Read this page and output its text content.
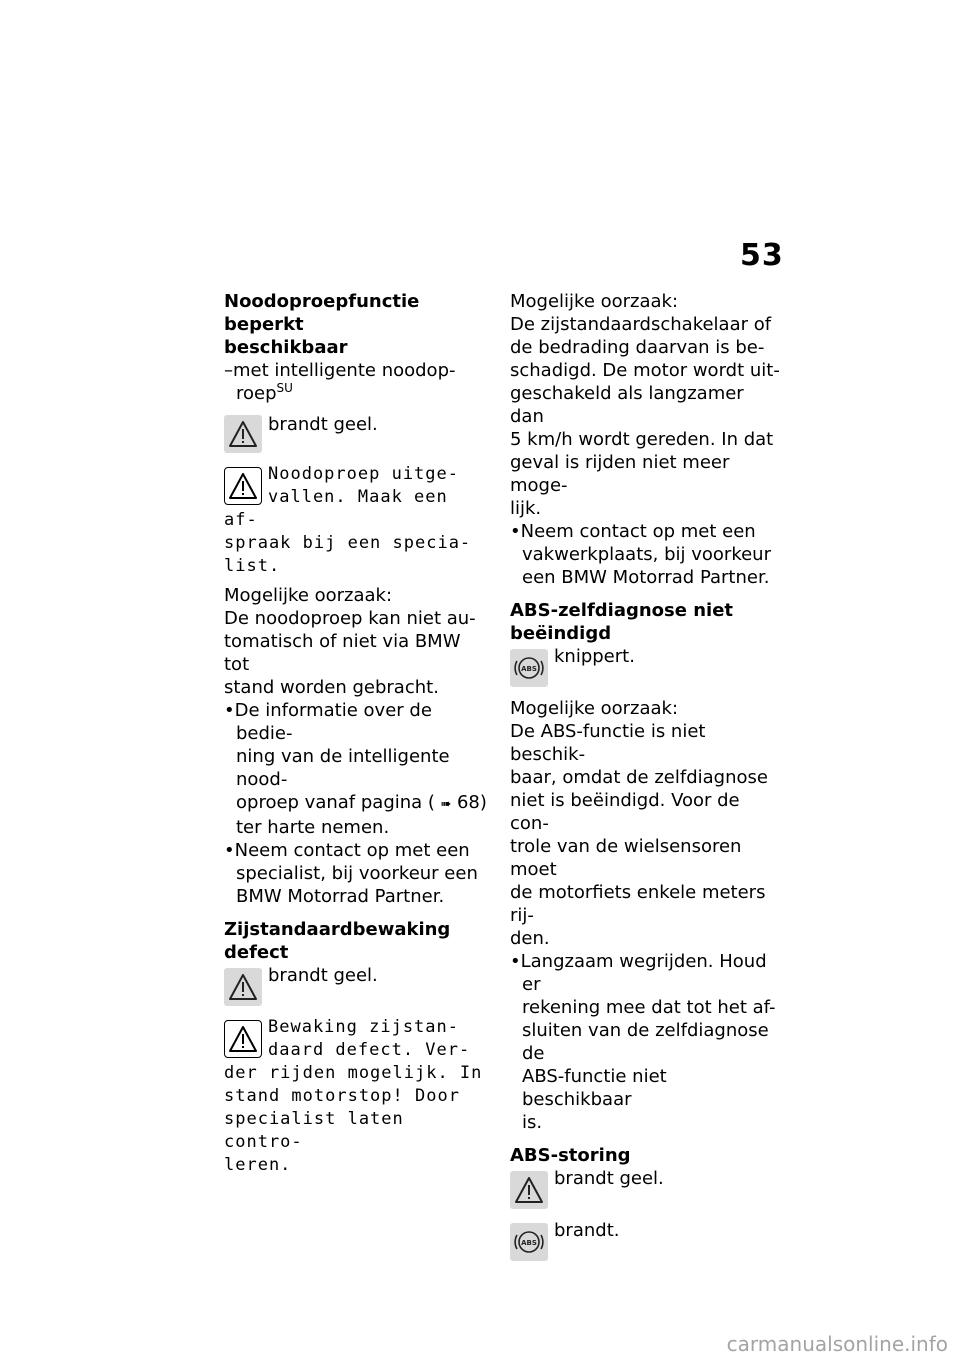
53

Noodoproepfunctie beperkt

beschikbaar

–met intelligente noodop-

roep$^{SU}$

brandt geel.

Noodoproep uitge-

vallen. Maak een af-

spraak bij een specia-

list.

Mogelijke oorzaak:

De noodoproep kan niet au-

tomatisch of niet via BMW tot

stand worden gebracht.

•De informatie over de bedie-

ning van de intelligente nood-

oproep vanaf pagina ( ➠ 68)

ter harte nemen.

•Neem contact op met een

specialist, bij voorkeur een

BMW Motorrad Partner.

Zijstandaardbewaking defect

brandt geel.

Bewaking zijstan-

daard defect. Ver-

der rijden mogelijk. In

stand motorstop! Door

specialist laten contro-

leren.

Mogelijke oorzaak:

De zijstandaardschakelaar of

de bedrading daarvan is be-

schadigd. De motor wordt uit-

geschakeld als langzamer dan

5 km/h wordt gereden. In dat

geval is rijden niet meer moge-

lijk.

•Neem contact op met een

vakwerkplaats, bij voorkeur

een BMW Motorrad Partner.

ABS-zelfdiagnose niet

beëindigd

ABS

knippert.

Mogelijke oorzaak:

De ABS-functie is niet beschik-

baar, omdat de zelfdiagnose

niet is beëindigd. Voor de con-

trole van de wielsensoren moet

de motorfiets enkele meters rij-

den.

•Langzaam wegrijden. Houd er

rekening mee dat tot het af-

sluiten van de zelfdiagnose de

ABS-functie niet beschikbaar

is.

ABS-storing

brandt geel.

ABS

brandt.

carmanualsonline.info
